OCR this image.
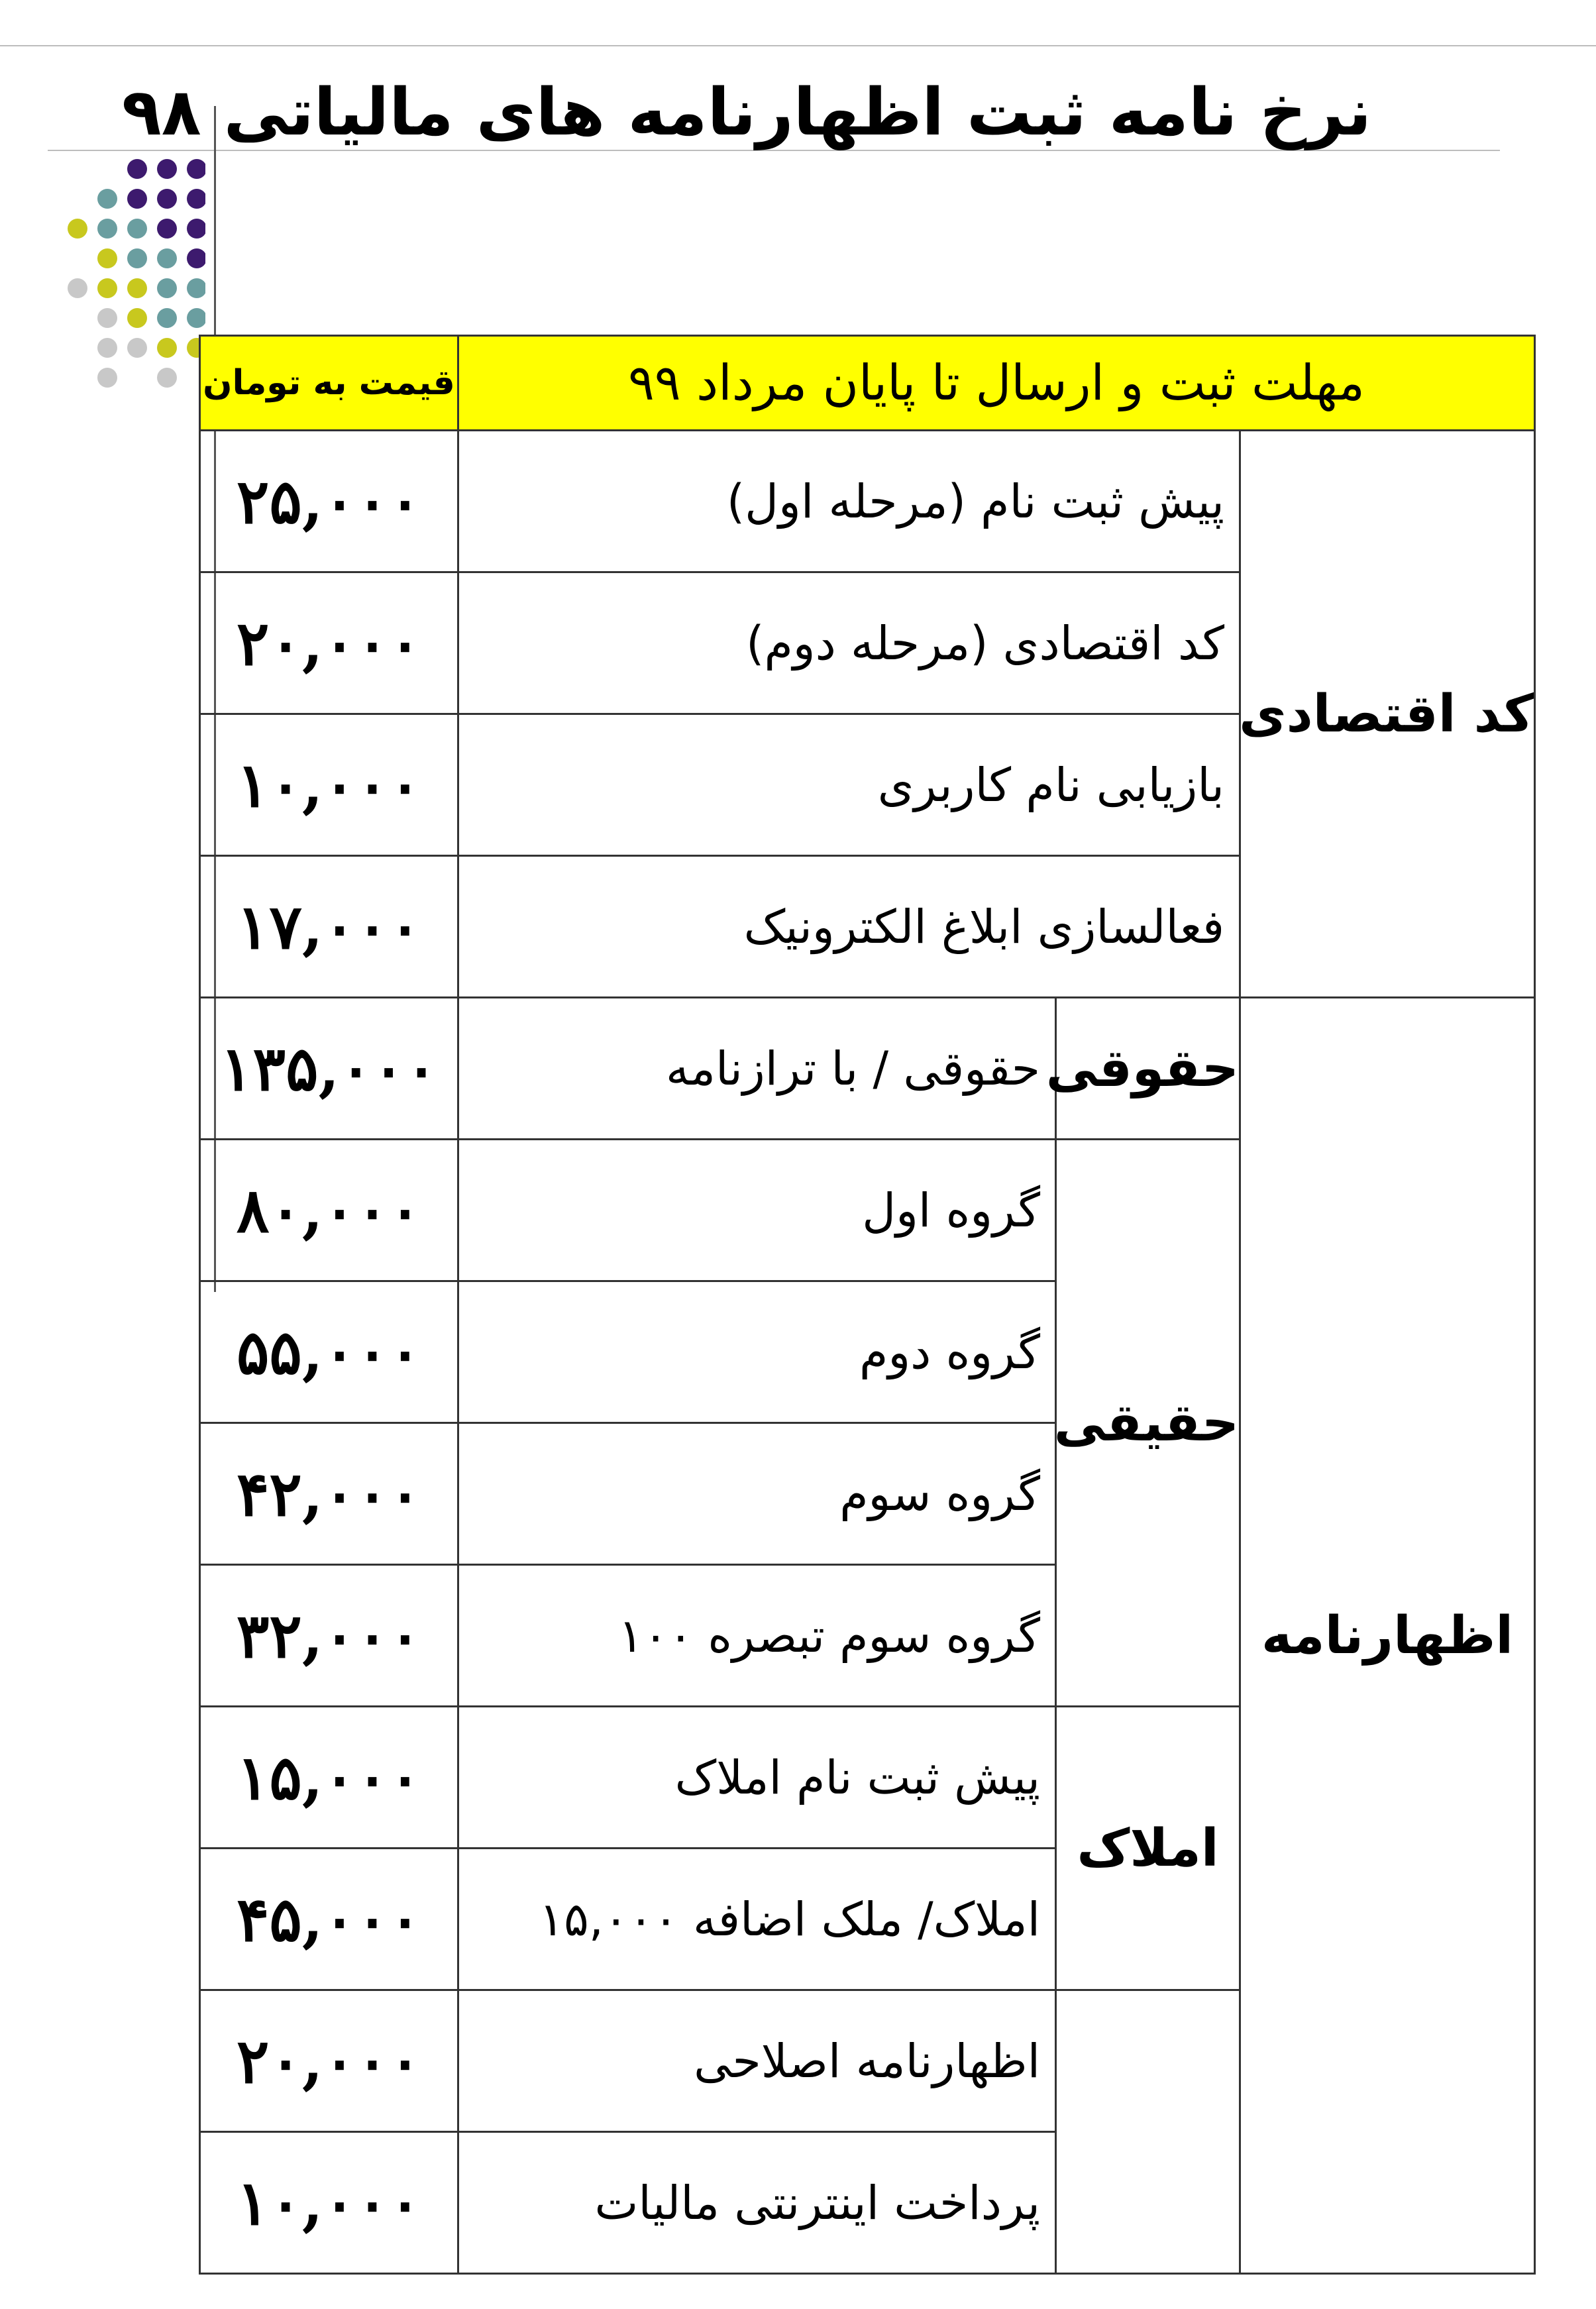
نرخ نامه ثبت اظهارنامه های مالیاتی ۹۸
مهلت ثبت و ارسال تا پایان مرداد ۹۹			قیمت به تومان
کد اقتصادی	پیش ثبت نام (مرحله اول)		۲۵,۰۰۰
	کد اقتصادی (مرحله دوم)		۲۰,۰۰۰
	بازیابی نام کاربری		۱۰,۰۰۰
	فعالسازی ابلاغ الکترونیک		۱۷,۰۰۰
اظهارنامه	حقوقی	حقوقی / با ترازنامه	۱۳۵,۰۰۰
	حقیقی	گروه اول	۸۰,۰۰۰
		گروه دوم	۵۵,۰۰۰
		گروه سوم	۴۲,۰۰۰
		گروه سوم تبصره ۱۰۰	۳۲,۰۰۰
	املاک	پیش ثبت نام املاک	۱۵,۰۰۰
		املاک/ ملک اضافه ۱۵,۰۰۰	۴۵,۰۰۰
		اظهارنامه اصلاحی	۲۰,۰۰۰
		پرداخت اینترنتی مالیات	۱۰,۰۰۰
